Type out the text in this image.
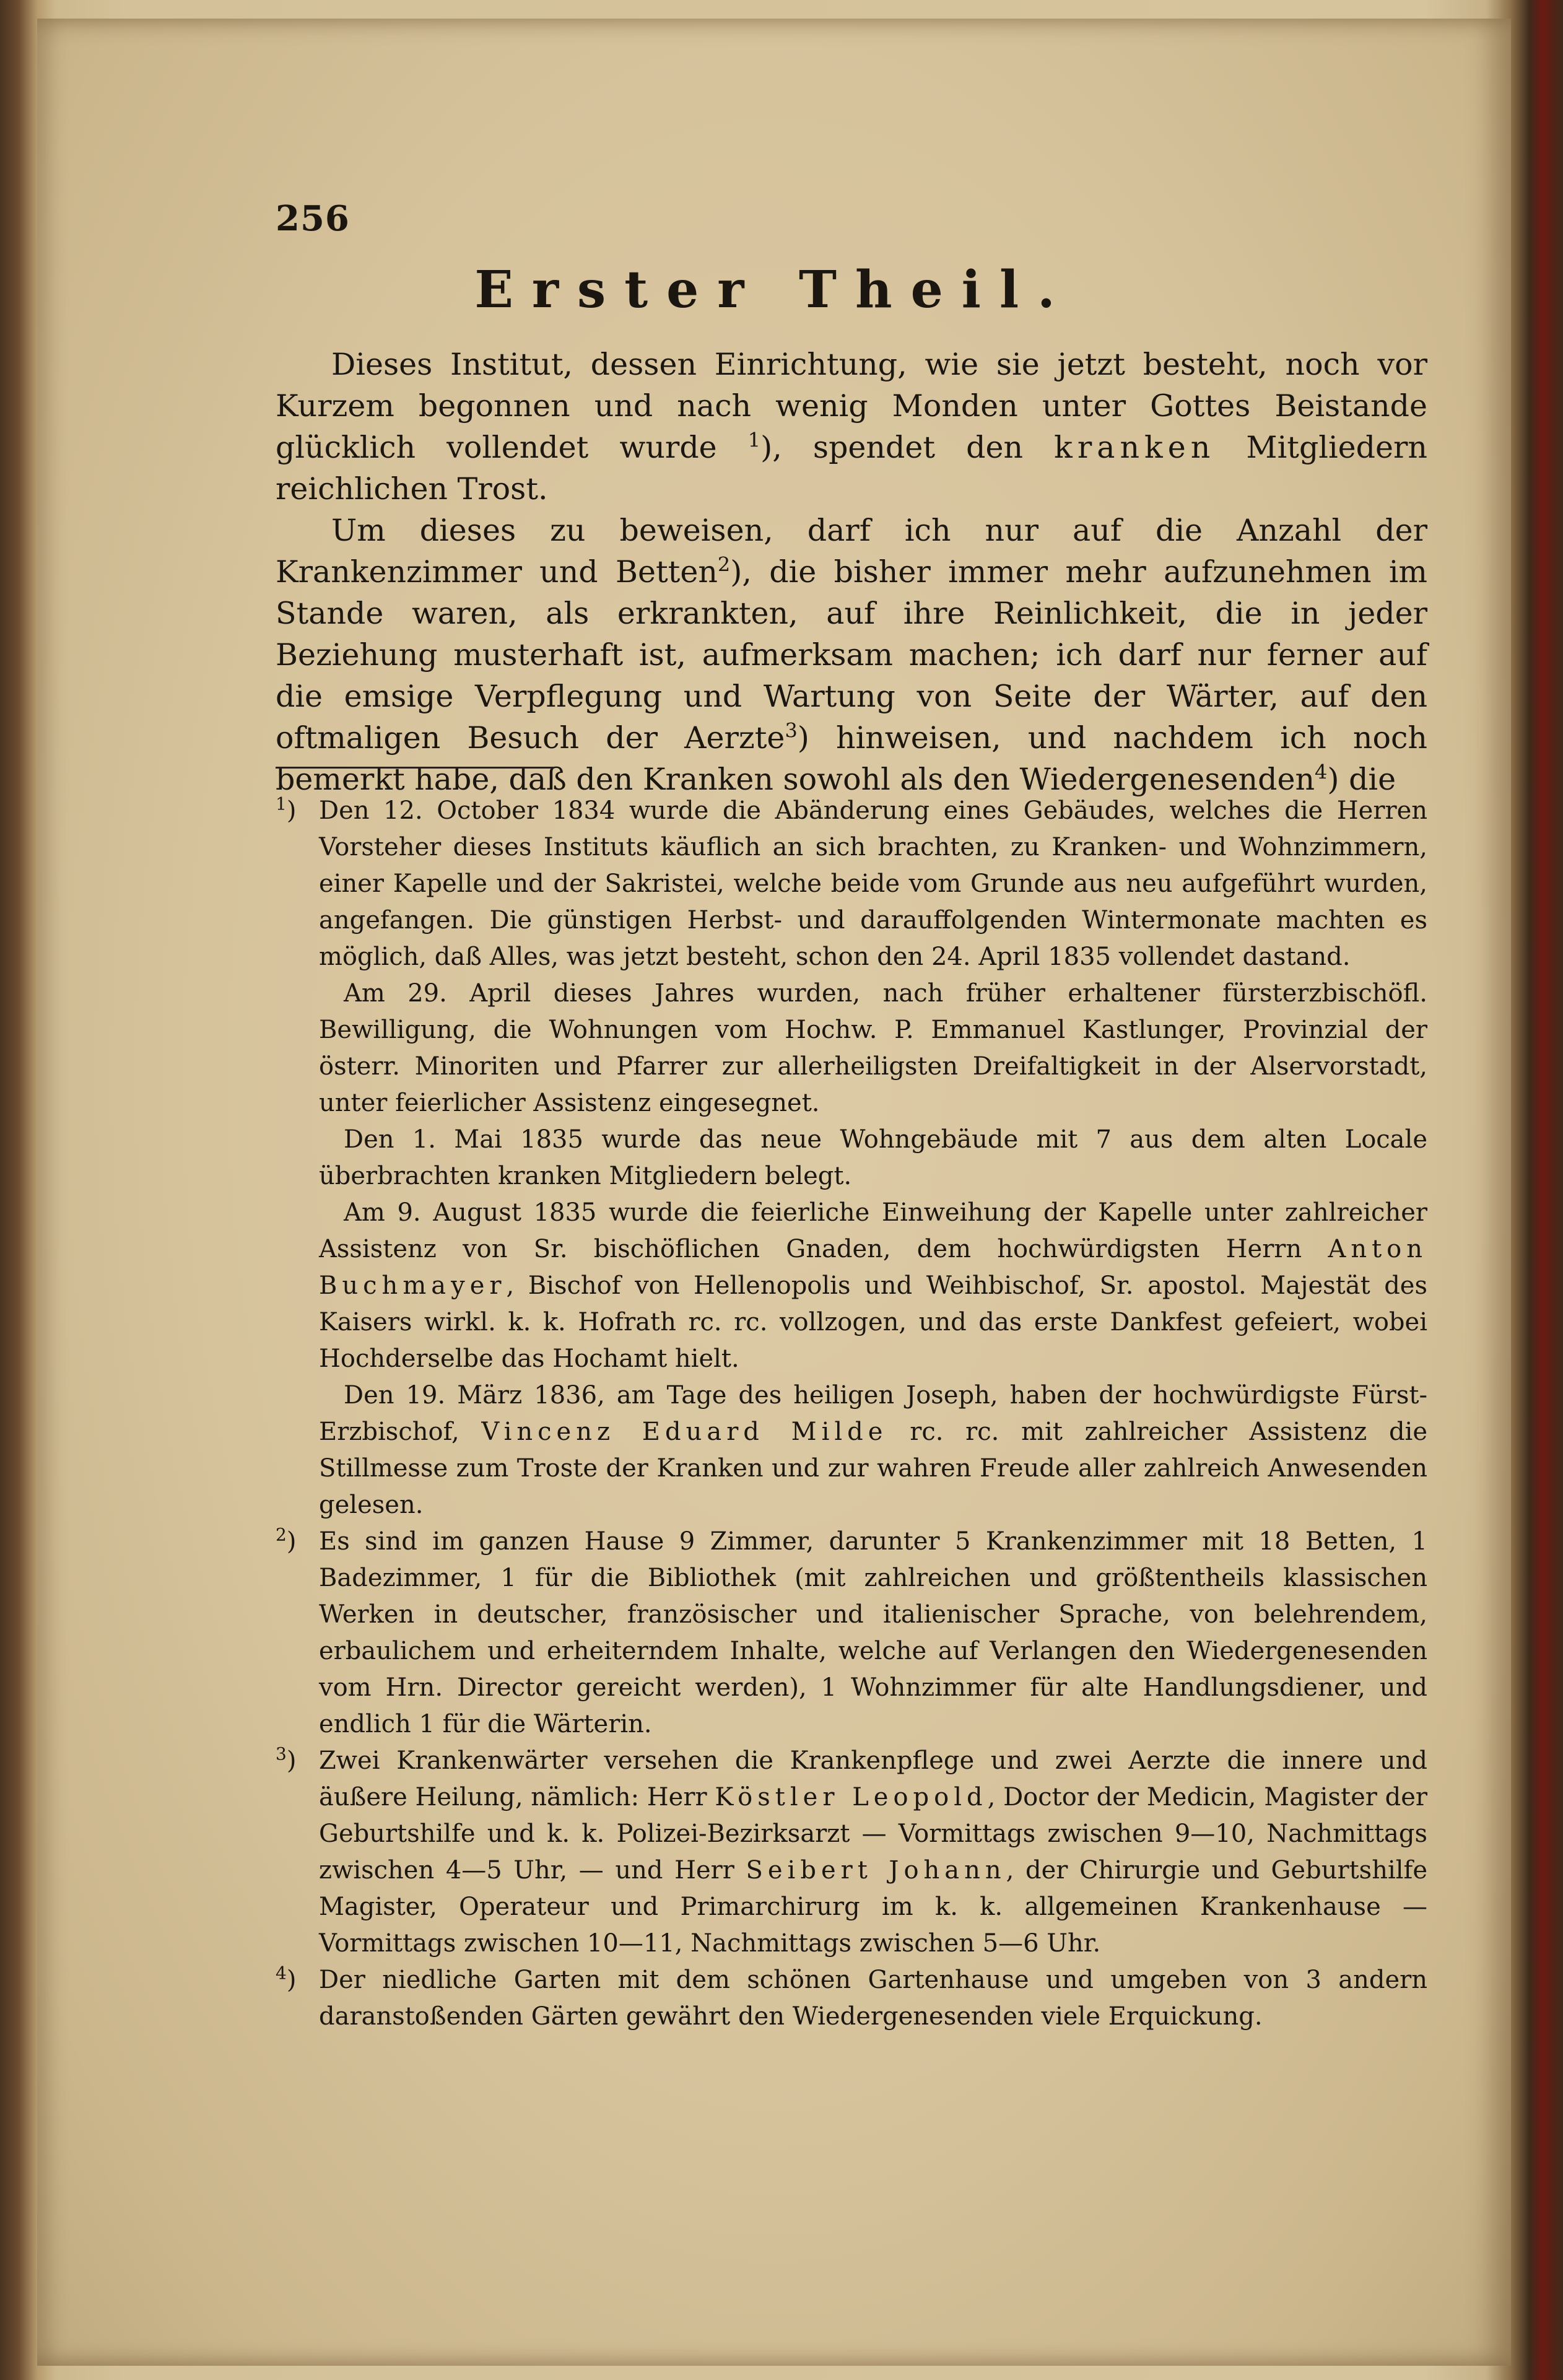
256
Erster Theil.

Dieses Institut, dessen Einrichtung, wie sie jetzt besteht, noch vor Kurzem begonnen und nach wenig Monden unter Gottes Beistande glücklich vollendet wurde $^1$), spendet den kranken Mitgliedern reichlichen Trost.

Um dieses zu beweisen, darf ich nur auf die Anzahl der Krankenzimmer und Betten$^2$), die bisher immer mehr aufzunehmen im Stande waren, als erkrankten, auf ihre Reinlichkeit, die in jeder Beziehung musterhaft ist, aufmerksam machen; ich darf nur ferner auf die emsige Verpflegung und Wartung von Seite der Wärter, auf den oftmaligen Besuch der Aerzte$^3$) hinweisen, und nachdem ich noch bemerkt habe, daß den Kranken sowohl als den Wiedergenesenden$^4$) die

$^1$) Den 12. October 1834 wurde die Abänderung eines Gebäudes, welches die Herren Vorsteher dieses Instituts käuflich an sich brachten, zu Kranken- und Wohnzimmern, einer Kapelle und der Sakristei, welche beide vom Grunde aus neu aufgeführt wurden, angefangen. Die günstigen Herbst- und darauffolgenden Wintermonate machten es möglich, daß Alles, was jetzt besteht, schon den 24. April 1835 vollendet dastand.

Am 29. April dieses Jahres wurden, nach früher erhaltener fürsterzbischöfl. Bewilligung, die Wohnungen vom Hochw. P. Emmanuel Kastlunger, Provinzial der österr. Minoriten und Pfarrer zur allerheiligsten Dreifaltigkeit in der Alservorstadt, unter feierlicher Assistenz eingesegnet.

Den 1. Mai 1835 wurde das neue Wohngebäude mit 7 aus dem alten Locale überbrachten kranken Mitgliedern belegt.

Am 9. August 1835 wurde die feierliche Einweihung der Kapelle unter zahlreicher Assistenz von Sr. bischöflichen Gnaden, dem hochwürdigsten Herrn Anton Buchmayer, Bischof von Hellenopolis und Weihbischof, Sr. apostol. Majestät des Kaisers wirkl. k. k. Hofrath rc. rc. vollzogen, und das erste Dankfest gefeiert, wobei Hochderselbe das Hochamt hielt.

Den 19. März 1836, am Tage des heiligen Joseph, haben der hochwürdigste Fürst-Erzbischof, Vincenz Eduard Milde rc. rc. mit zahlreicher Assistenz die Stillmesse zum Troste der Kranken und zur wahren Freude aller zahlreich Anwesenden gelesen.

$^2$) Es sind im ganzen Hause 9 Zimmer, darunter 5 Krankenzimmer mit 18 Betten, 1 Badezimmer, 1 für die Bibliothek (mit zahlreichen und größtentheils klassischen Werken in deutscher, französischer und italienischer Sprache, von belehrendem, erbaulichem und erheiterndem Inhalte, welche auf Verlangen den Wiedergenesenden vom Hrn. Director gereicht werden), 1 Wohnzimmer für alte Handlungsdiener, und endlich 1 für die Wärterin.

$^3$) Zwei Krankenwärter versehen die Krankenpflege und zwei Aerzte die innere und äußere Heilung, nämlich: Herr Köstler Leopold, Doctor der Medicin, Magister der Geburtshilfe und k. k. Polizei-Bezirksarzt — Vormittags zwischen 9—10, Nachmittags zwischen 4—5 Uhr, — und Herr Seibert Johann, der Chirurgie und Geburtshilfe Magister, Operateur und Primarchirurg im k. k. allgemeinen Krankenhause — Vormittags zwischen 10—11, Nachmittags zwischen 5—6 Uhr.

$^4$) Der niedliche Garten mit dem schönen Gartenhause und umgeben von 3 andern daranstoßenden Gärten gewährt den Wiedergenesenden viele Erquickung.
